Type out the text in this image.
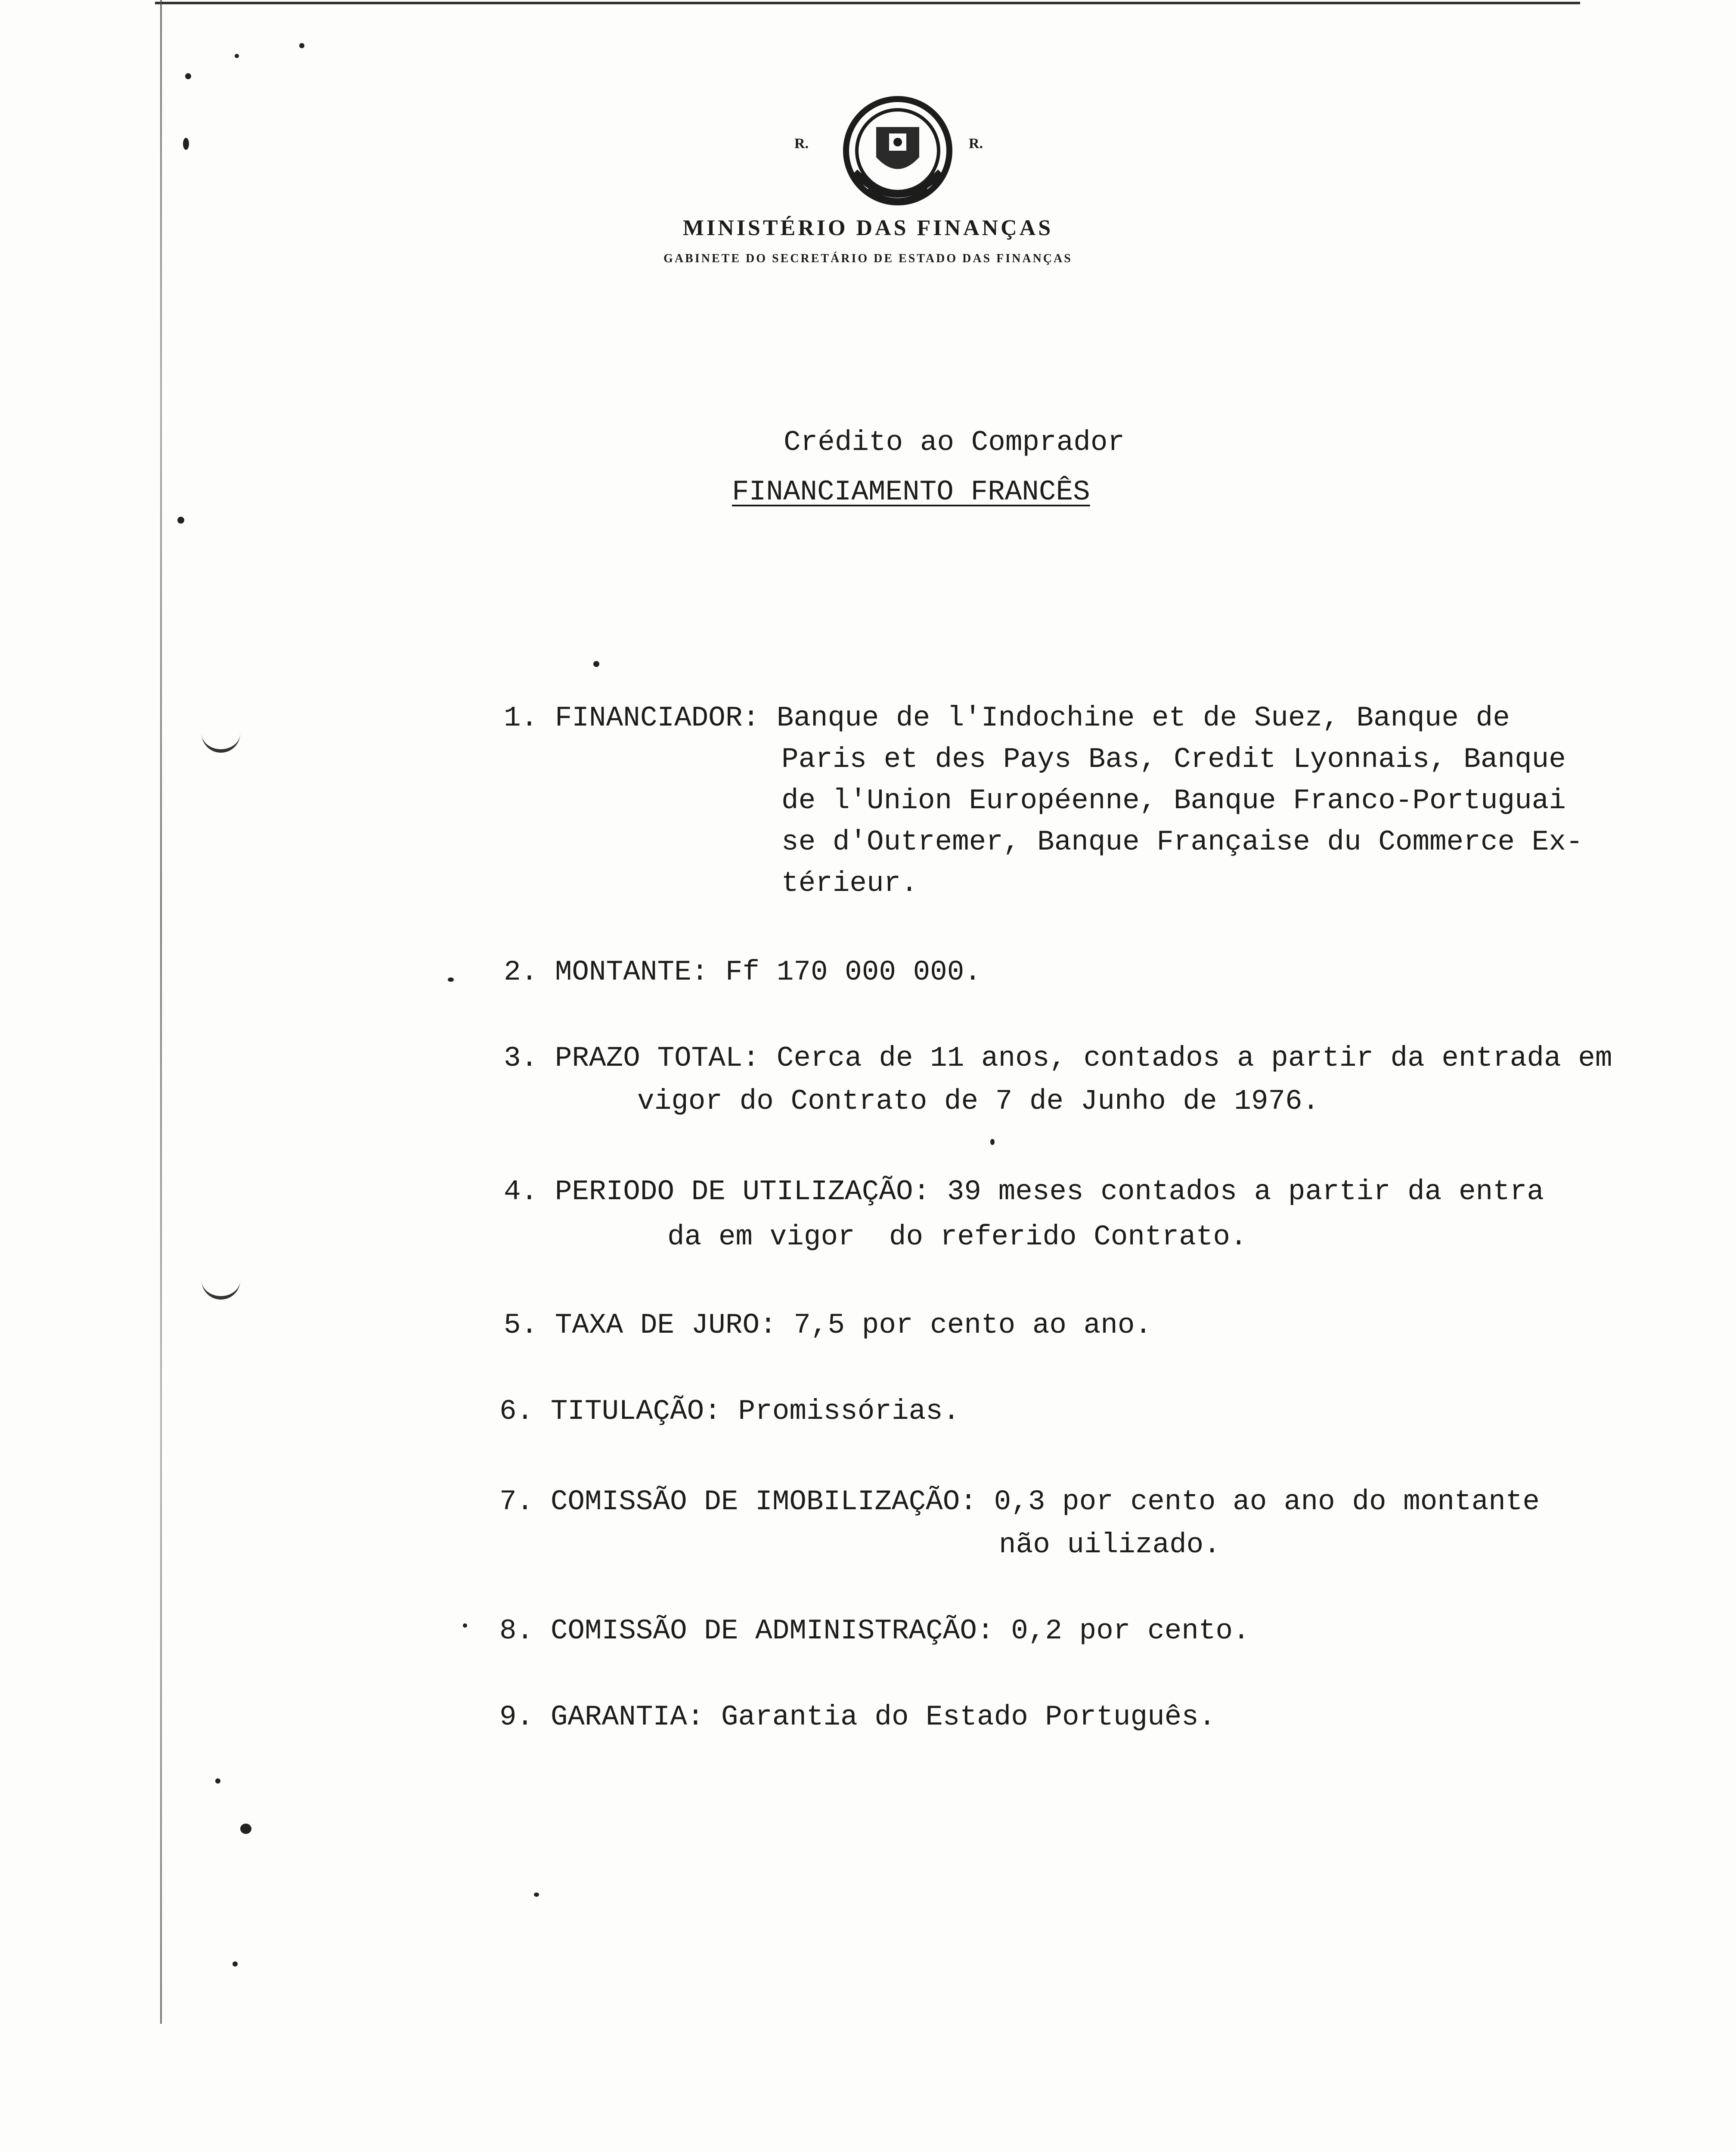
R.	R.
MINISTÉRIO DAS FINANÇAS
GABINETE DO SECRETÁRIO DE ESTADO DAS FINANÇAS
Crédito ao Comprador
FINANCIAMENTO FRANCÊS
1. FINANCIADOR: Banque de l'Indochine et de Suez, Banque de
Paris et des Pays Bas, Credit Lyonnais, Banque
de l'Union Européenne, Banque Franco-Portuguai
se d'Outremer, Banque Française du Commerce Ex-
térieur.
2. MONTANTE: Ff 170 000 000.
3. PRAZO TOTAL: Cerca de 11 anos, contados a partir da entrada em
vigor do Contrato de 7 de Junho de 1976.
4. PERIODO DE UTILIZAÇÃO: 39 meses contados a partir da entra
da em vigor  do referido Contrato.
5. TAXA DE JURO: 7,5 por cento ao ano.
6. TITULAÇÃO: Promissórias.
7. COMISSÃO DE IMOBILIZAÇÃO: 0,3 por cento ao ano do montante
não uilizado.
8. COMISSÃO DE ADMINISTRAÇÃO: 0,2 por cento.
9. GARANTIA: Garantia do Estado Português.
